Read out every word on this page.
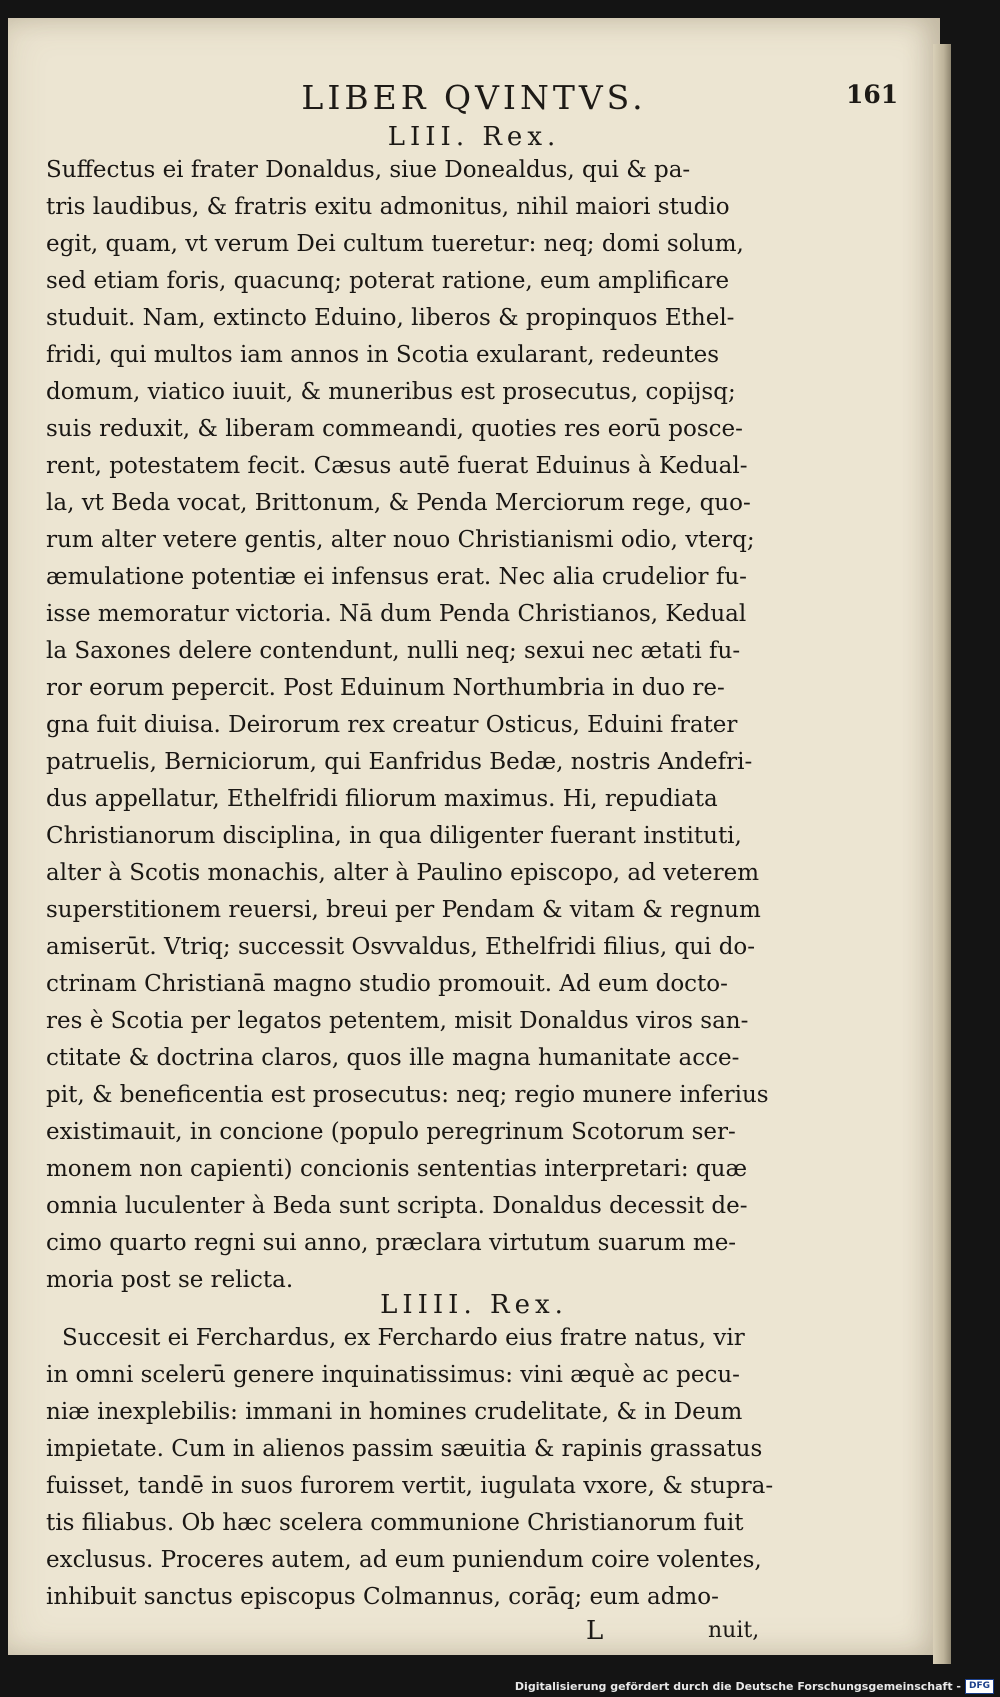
LIBER QVINTVS.	161
LIII. Rex.

Suffectus ei frater Donaldus, siue Donealdus, qui & pa-

tris laudibus, & fratris exitu admonitus, nihil maiori studio

egit, quam, vt verum Dei cultum tueretur: neq; domi solum,

sed etiam foris, quacunq; poterat ratione, eum amplificare

studuit. Nam, extincto Eduino, liberos & propinquos Ethel-

fridi, qui multos iam annos in Scotia exularant, redeuntes

domum, viatico iuuit, & muneribus est prosecutus, copijsq;

suis reduxit, & liberam commeandi, quoties res eorū posce-

rent, potestatem fecit. Cæsus autē fuerat Eduinus à Kedual-

la, vt Beda vocat, Brittonum, & Penda Merciorum rege, quo-

rum alter vetere gentis, alter nouo Christianismi odio, vterq;

æmulatione potentiæ ei infensus erat. Nec alia crudelior fu-

isse memoratur victoria. Nā dum Penda Christianos, Kedual

la Saxones delere contendunt, nulli neq; sexui nec ætati fu-

ror eorum pepercit. Post Eduinum Northumbria in duo re-

gna fuit diuisa. Deirorum rex creatur Osticus, Eduini frater

patruelis, Berniciorum, qui Eanfridus Bedæ, nostris Andefri-

dus appellatur, Ethelfridi filiorum maximus. Hi, repudiata

Christianorum disciplina, in qua diligenter fuerant instituti,

alter à Scotis monachis, alter à Paulino episcopo, ad veterem

superstitionem reuersi, breui per Pendam & vitam & regnum

amiserūt. Vtriq; successit Osvvaldus, Ethelfridi filius, qui do-

ctrinam Christianā magno studio promouit. Ad eum docto-

res è Scotia per legatos petentem, misit Donaldus viros san-

ctitate & doctrina claros, quos ille magna humanitate acce-

pit, & beneficentia est prosecutus: neq; regio munere inferius

existimauit, in concione (populo peregrinum Scotorum ser-

monem non capienti) concionis sententias interpretari: quæ

omnia luculenter à Beda sunt scripta. Donaldus decessit de-

cimo quarto regni sui anno, præclara virtutum suarum me-

moria post se relicta.

LIIII. Rex.

Succesit ei Ferchardus, ex Ferchardo eius fratre natus, vir

in omni scelerū genere inquinatissimus: vini æquè ac pecu-

niæ inexplebilis: immani in homines crudelitate, & in Deum

impietate. Cum in alienos passim sæuitia & rapinis grassatus

fuisset, tandē in suos furorem vertit, iugulata vxore, & stupra-

tis filiabus. Ob hæc scelera communione Christianorum fuit

exclusus. Proceres autem, ad eum puniendum coire volentes,

inhibuit sanctus episcopus Colmannus, corāq; eum admo-

L	nuit,
Digitalisierung gefördert durch die Deutsche Forschungsgemeinschaft - DFG
